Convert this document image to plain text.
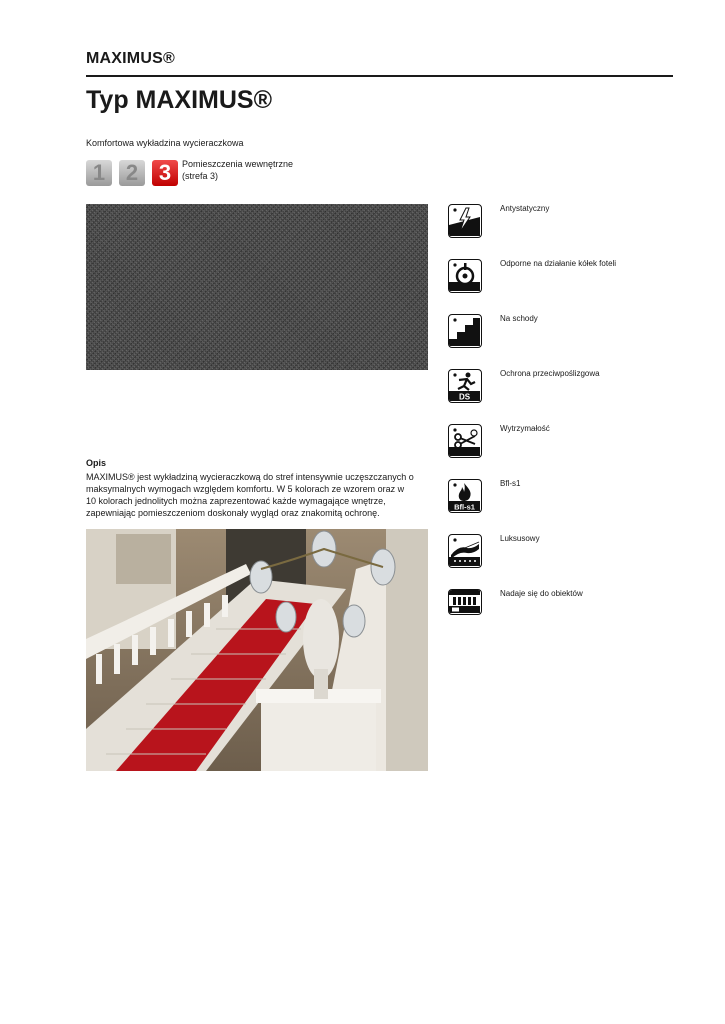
MAXIMUS®
Typ MAXIMUS®
Komfortowa wykładzina wycieraczkowa
1 2 3	Pomieszczenia wewnętrzne
(strefa 3)
Opis
MAXIMUS® jest wykładziną wycieraczkową do stref intensywnie uczęszczanych o maksymalnych wymogach względem komfortu. W 5 kolorach ze wzorem oraz w 10 kolorach jednolitych można zaprezentować każde wymagające wnętrze, zapewniając pomieszczeniom doskonały wygląd oraz znakomitą ochronę.
Antystatyczny
Odporne na działanie kółek foteli
Na schody
DS
Ochrona przeciwpoślizgowa
Wytrzymałość
Bfl-s1
Bfl-s1
Luksusowy
Nadaje się do obiektów
